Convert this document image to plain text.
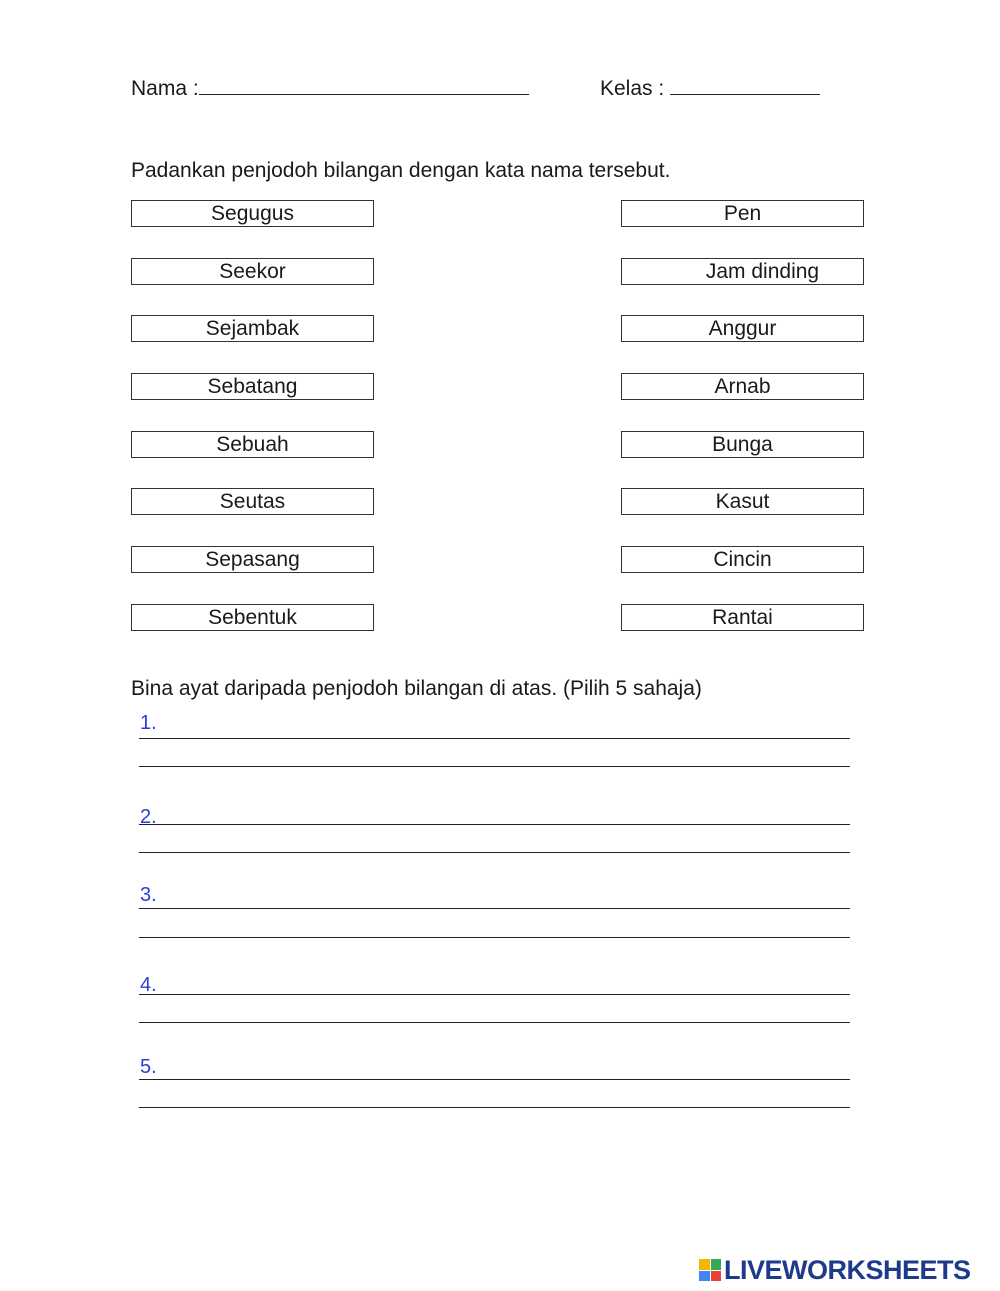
Nama :	Kelas :
Padankan penjodoh bilangan dengan kata nama tersebut.
Segugus
Seekor
Sejambak
Sebatang
Sebuah
Seutas
Sepasang
Sebentuk
Pen
Jam dinding
Anggur
Arnab
Bunga
Kasut
Cincin
Rantai
Bina ayat daripada penjodoh bilangan di atas. (Pilih 5 sahaja)
1.
2.
3.
4.
5.
LIVEWORKSHEETS
